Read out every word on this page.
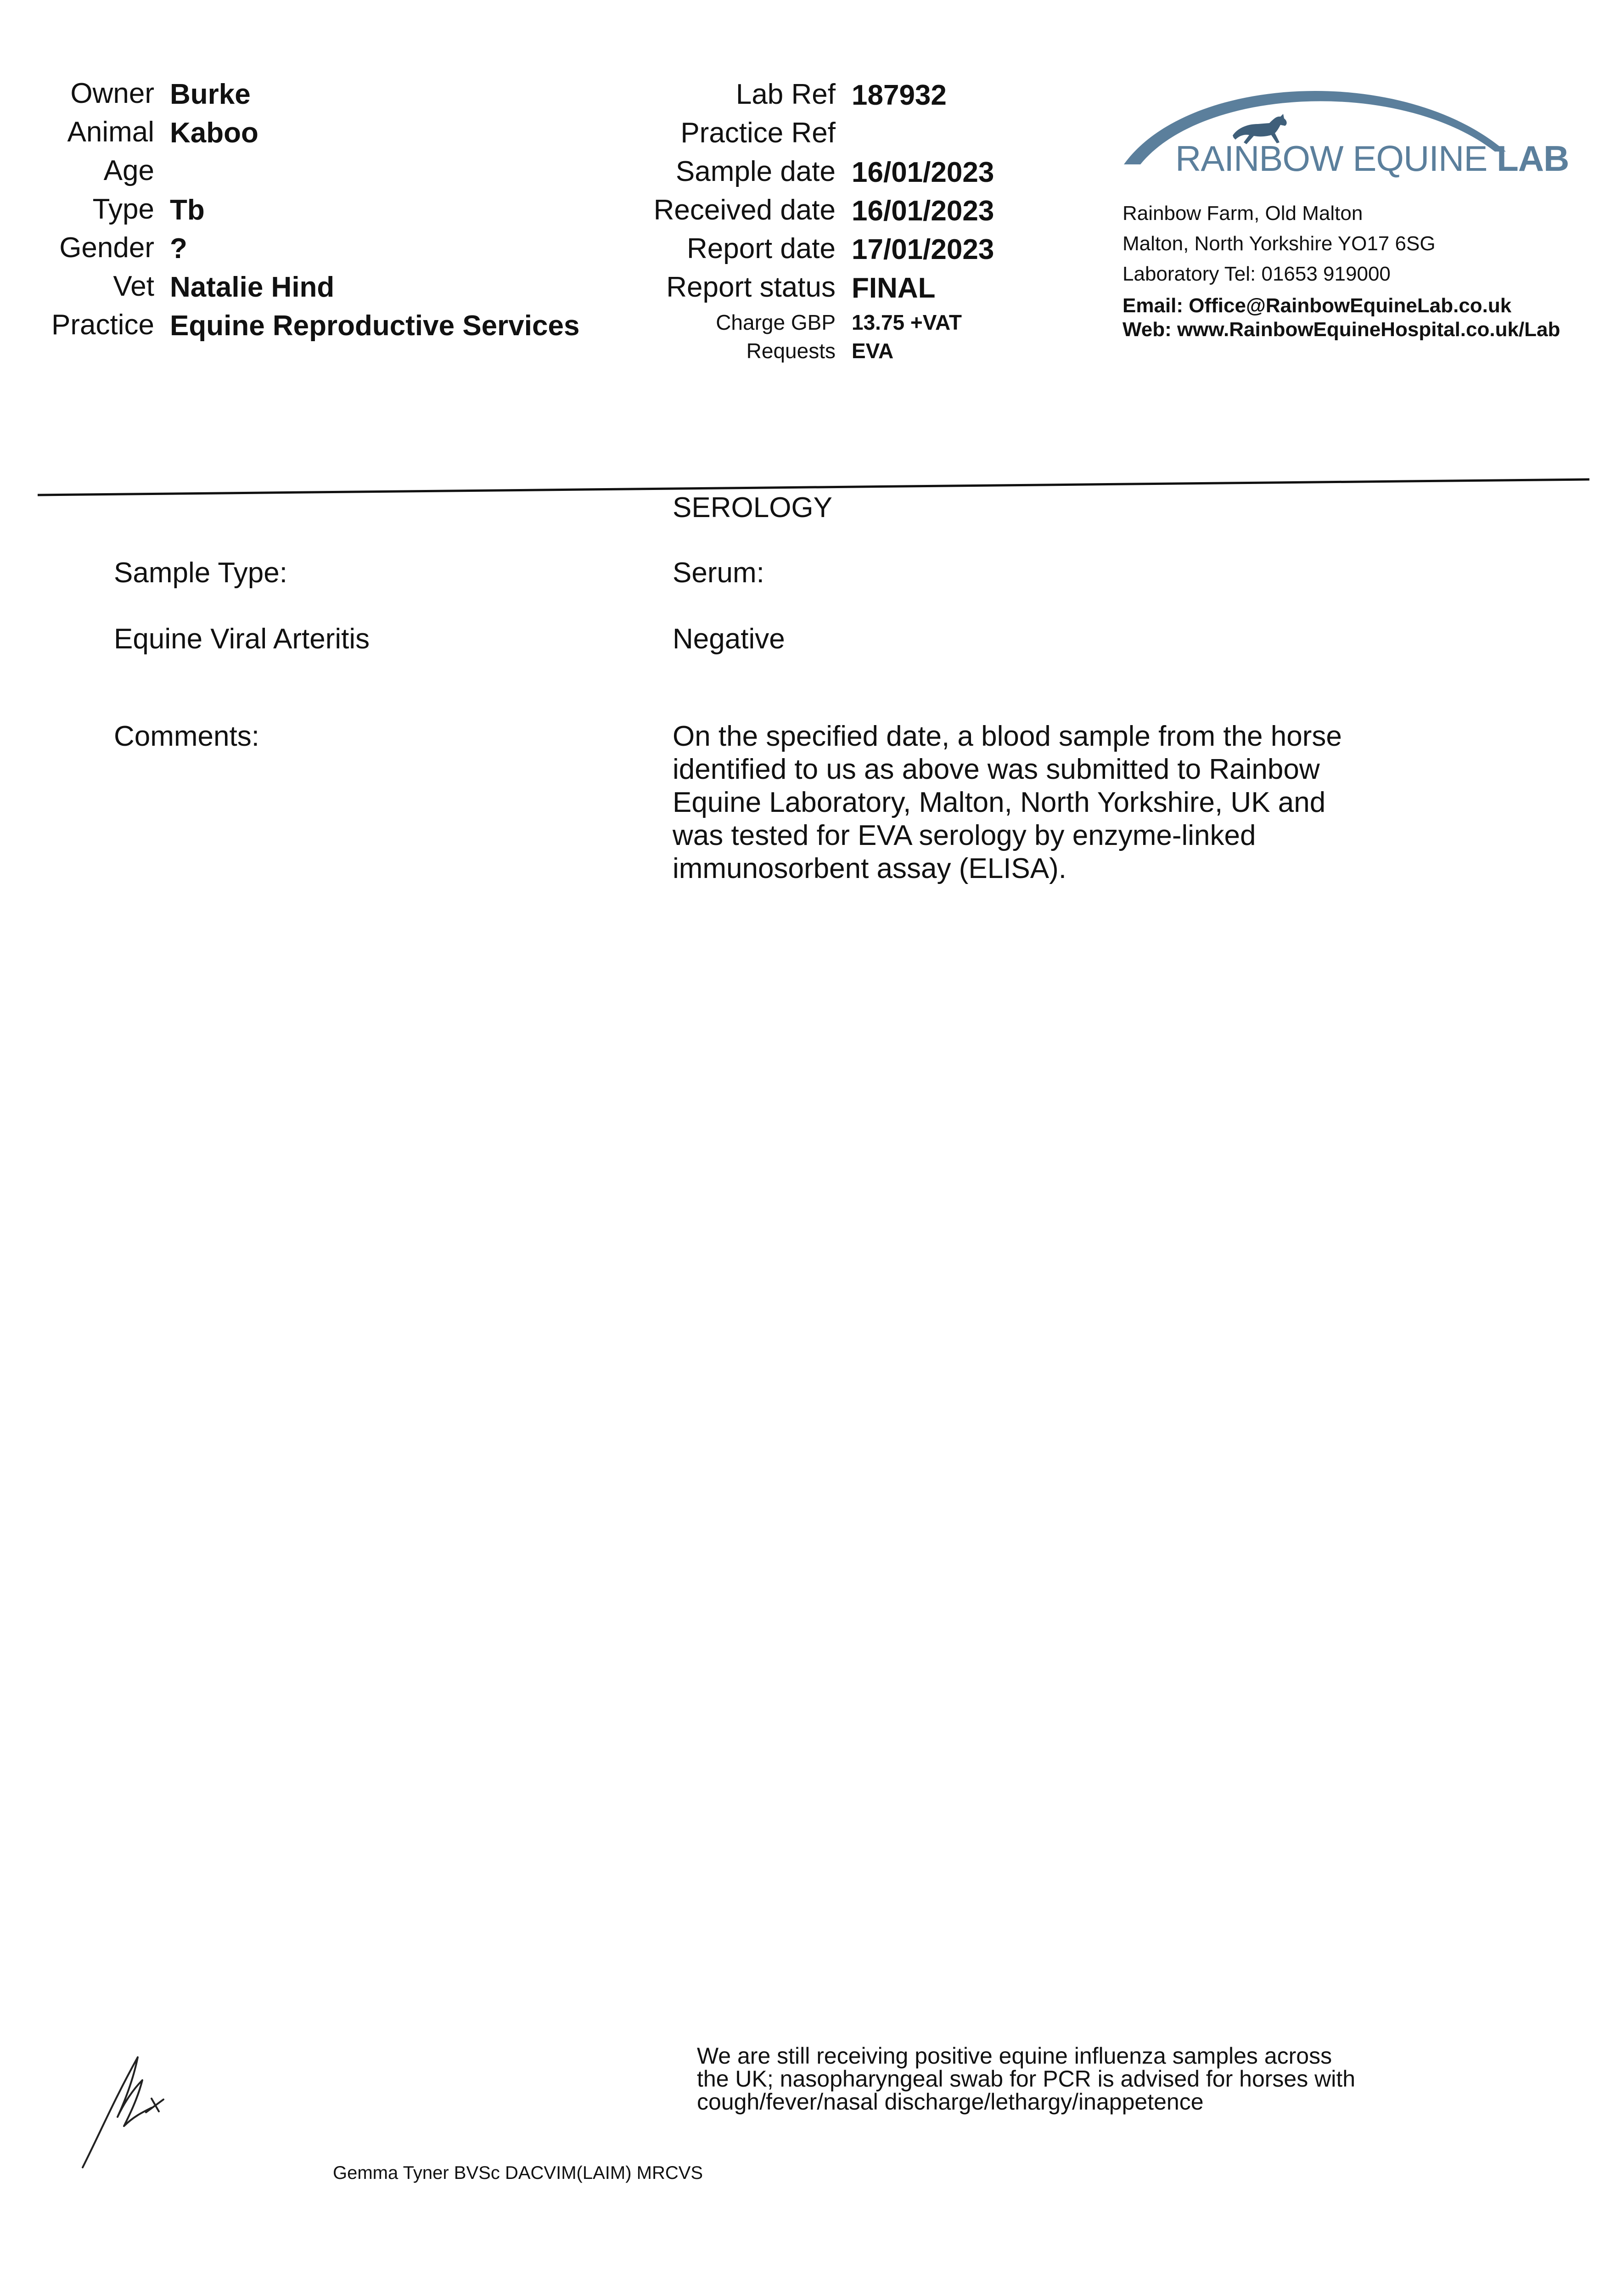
Owner Burke
Animal Kaboo
Age
Type Tb
Gender ?
Vet Natalie Hind
Practice Equine Reproductive Services
Lab Ref 187932
Practice Ref
Sample date 16/01/2023
Received date 16/01/2023
Report date 17/01/2023
Report status FINAL
Charge GBP 13.75 +VAT
Requests EVA
RAINBOW EQUINE LAB
Rainbow Farm, Old Malton
Malton, North Yorkshire YO17 6SG
Laboratory Tel: 01653 919000
Email: Office@RainbowEquineLab.co.uk
Web: www.RainbowEquineHospital.co.uk/Lab
SEROLOGY
Sample Type:	Serum:
Equine Viral Arteritis	Negative
Comments:	On the specified date, a blood sample from the horse
identified to us as above was submitted to Rainbow
Equine Laboratory, Malton, North Yorkshire, UK and
was tested for EVA serology by enzyme-linked
immunosorbent assay (ELISA).
We are still receiving positive equine influenza samples across
the UK; nasopharyngeal swab for PCR is advised for horses with
cough/fever/nasal discharge/lethargy/inappetence
Gemma Tyner BVSc DACVIM(LAIM) MRCVS
